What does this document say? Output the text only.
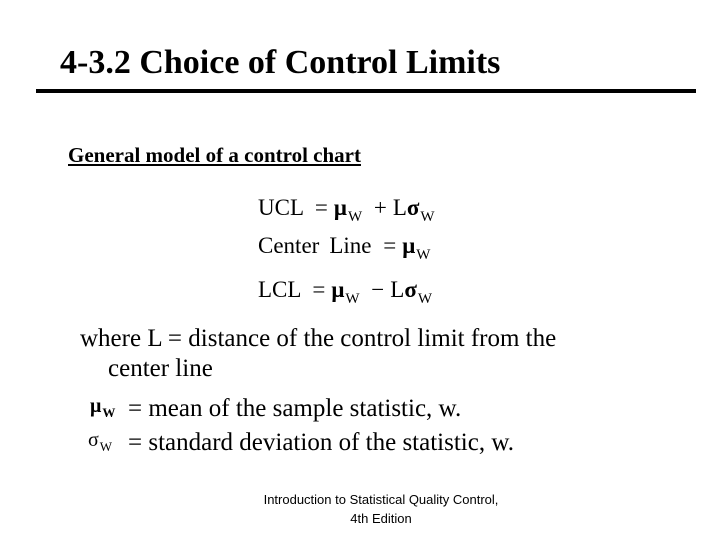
4-3.2 Choice of Control Limits
General model of a control chart
UCL = $\mu_W + L\sigma_W$
Center Line = $\mu_W$
LCL = $\mu_W - L\sigma_W$
where L = distance of the control limit from the
center line
$\mu_W$ = mean of the sample statistic, w.
$\sigma_W$ = standard deviation of the statistic, w.
Introduction to Statistical Quality Control,
4th Edition
